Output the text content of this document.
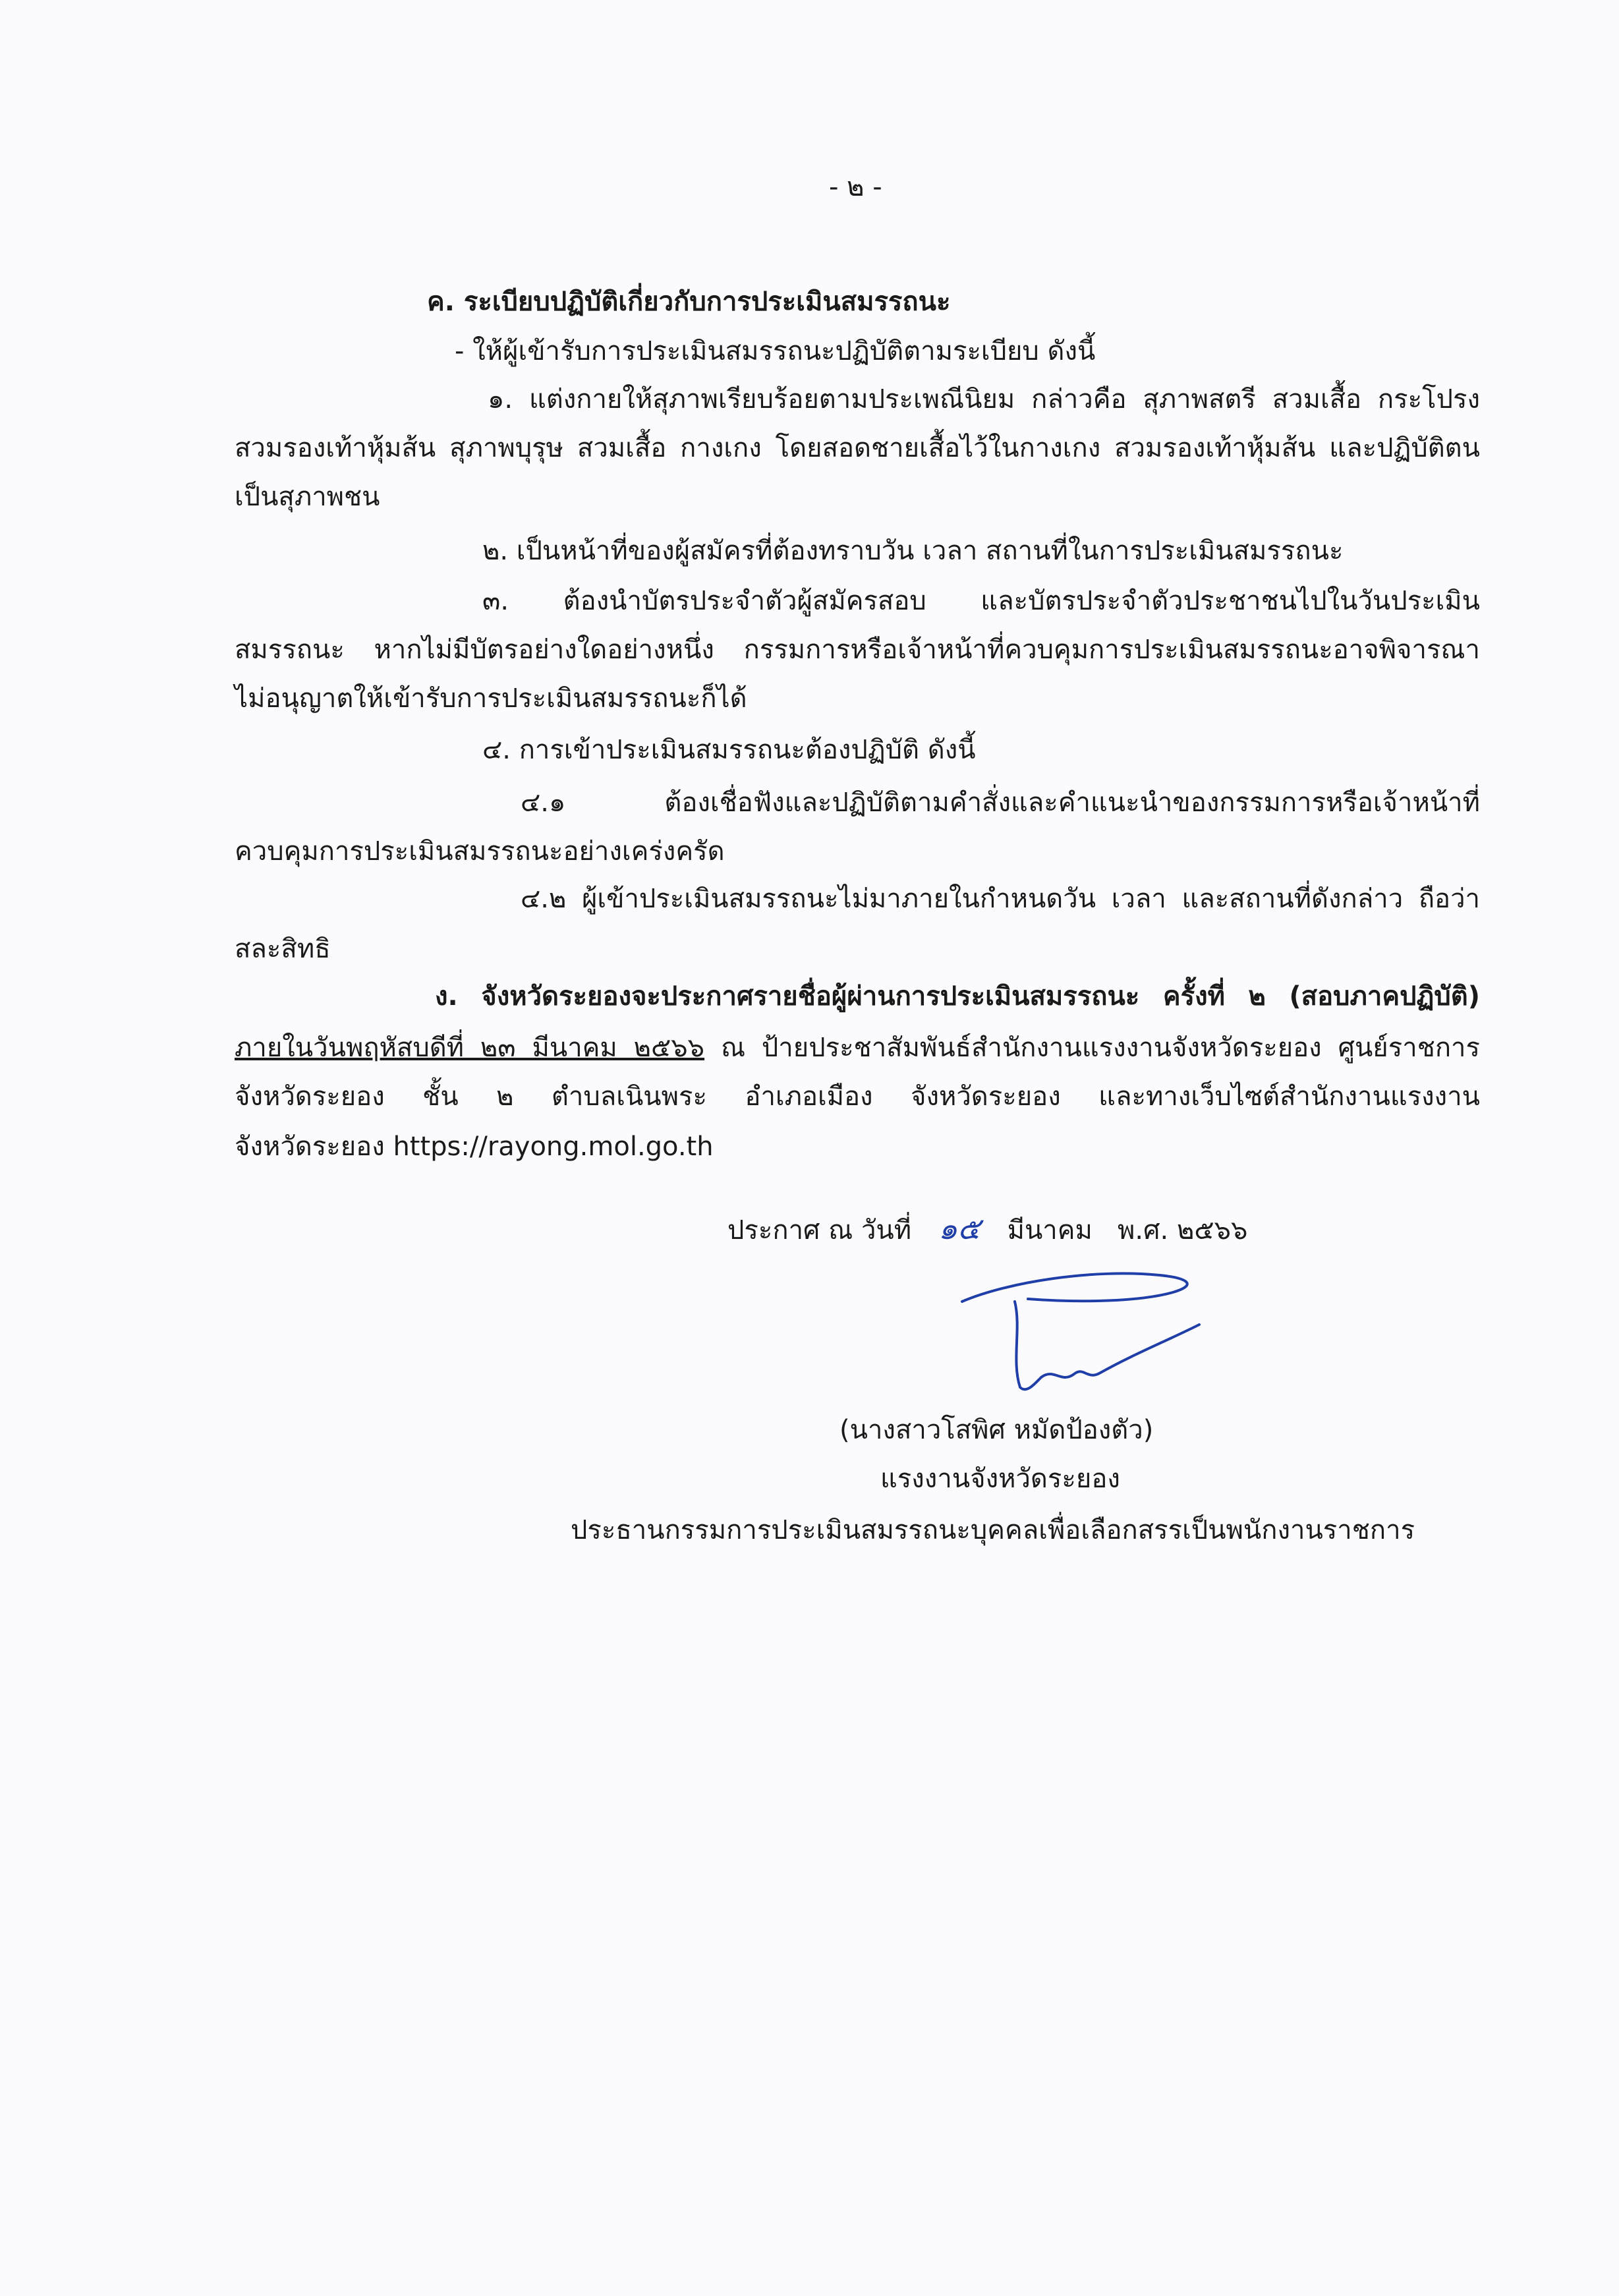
- ๒ -
ค. ระเบียบปฏิบัติเกี่ยวกับการประเมินสมรรถนะ
- ให้ผู้เข้ารับการประเมินสมรรถนะปฏิบัติตามระเบียบ ดังนี้
๑. แต่งกายให้สุภาพเรียบร้อยตามประเพณีนิยม กล่าวคือ สุภาพสตรี สวมเสื้อ กระโปรง
สวมรองเท้าหุ้มส้น สุภาพบุรุษ สวมเสื้อ กางเกง โดยสอดชายเสื้อไว้ในกางเกง สวมรองเท้าหุ้มส้น และปฏิบัติตน
เป็นสุภาพชน
๒. เป็นหน้าที่ของผู้สมัครที่ต้องทราบวัน เวลา สถานที่ในการประเมินสมรรถนะ
๓. ต้องนำบัตรประจำตัวผู้สมัครสอบ และบัตรประจำตัวประชาชนไปในวันประเมิน
สมรรถนะ หากไม่มีบัตรอย่างใดอย่างหนึ่ง กรรมการหรือเจ้าหน้าที่ควบคุมการประเมินสมรรถนะอาจพิจารณา
ไม่อนุญาตให้เข้ารับการประเมินสมรรถนะก็ได้
๔. การเข้าประเมินสมรรถนะต้องปฏิบัติ ดังนี้
๔.๑ ต้องเชื่อฟังและปฏิบัติตามคำสั่งและคำแนะนำของกรรมการหรือเจ้าหน้าที่
ควบคุมการประเมินสมรรถนะอย่างเคร่งครัด
๔.๒ ผู้เข้าประเมินสมรรถนะไม่มาภายในกำหนดวัน เวลา และสถานที่ดังกล่าว ถือว่า
สละสิทธิ
ง. จังหวัดระยองจะประกาศรายชื่อผู้ผ่านการประเมินสมรรถนะ ครั้งที่ ๒ (สอบภาคปฏิบัติ)
ภายในวันพฤหัสบดีที่ ๒๓ มีนาคม ๒๕๖๖ ณ ป้ายประชาสัมพันธ์สำนักงานแรงงานจังหวัดระยอง ศูนย์ราชการ
จังหวัดระยอง ชั้น ๒ ตำบลเนินพระ อำเภอเมือง จังหวัดระยอง และทางเว็บไซต์สำนักงานแรงงาน
จังหวัดระยอง https://rayong.mol.go.th
ประกาศ ณ วันที่ ๑๕ มีนาคม พ.ศ. ๒๕๖๖
(นางสาวโสพิศ หมัดป้องตัว)
แรงงานจังหวัดระยอง
ประธานกรรมการประเมินสมรรถนะบุคคลเพื่อเลือกสรรเป็นพนักงานราชการ
